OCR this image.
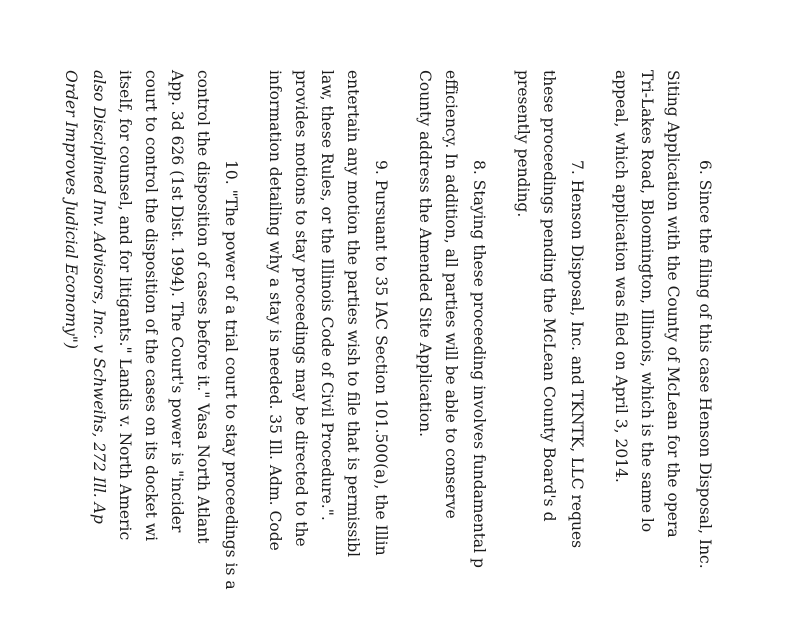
6. Since the filing of this case Henson Disposal, Inc.
Siting Application with the County of McLean for the opera
Tri-Lakes Road, Bloomington, Illinois, which is the same lo
appeal, which application was filed on April 3, 2014.
7. Henson Disposal, Inc. and TKNTK, LLC reques
these proceedings pending the McLean County Board's d
presently pending.
8. Staying these proceeding involves fundamental p
efficiency. In addition, all parties will be able to conserve
County address the Amended Site Application.
9. Pursuant to 35 IAC Section 101.500(a), the Illin
entertain any motion the parties wish to file that is permissibl
law, these Rules, or the Illinois Code of Civil Procedure.".
provides motions to stay proceedings may be directed to the
information detailing why a stay is needed. 35 Ill. Adm. Code
10. "The power of a trial court to stay proceedings is a
control the disposition of cases before it." Vasa North Atlant
App. 3d 626 (1st Dist. 1994). The Court's power is "incider
court to control the disposition of the cases on its docket wi
itself, for counsel, and for litigants." Landis v. North Americ
also Disciplined Inv. Advisors, Inc. v Schweihs, 272 Ill. Ap
Order Improves Judicial Economy")
